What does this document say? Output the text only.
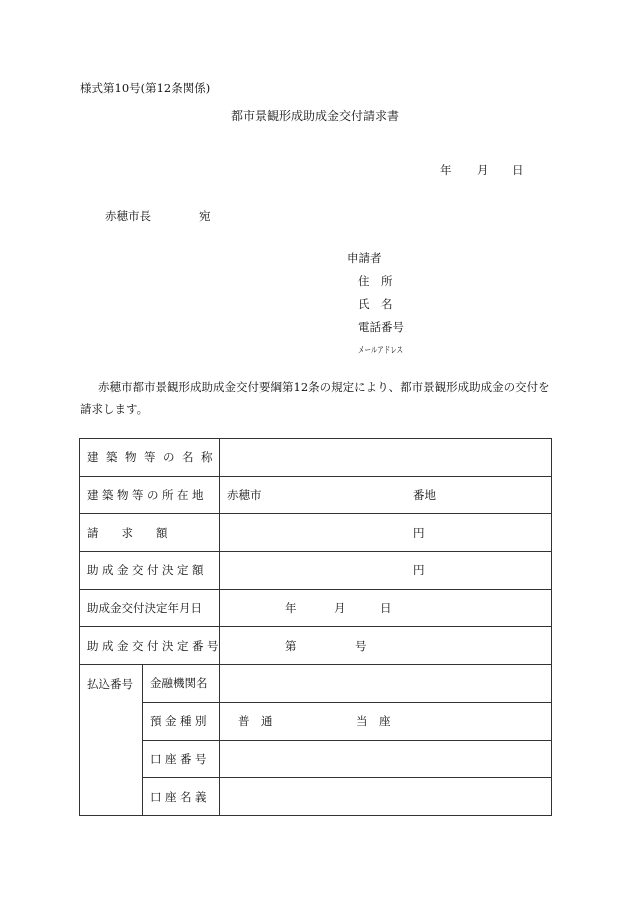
様式第10号(第12条関係)
都市景観形成助成金交付請求書
年 月 日
赤穂市長	宛
申請者
住　所
氏　名
電話番号
メールアドレス
赤穂市都市景観形成助成金交付要綱第12条の規定により、都市景観形成助成金の交付を請求します。
建築物等の名称		
建築物等の所在地		赤穂市 番地

請　　求　　額		円

助成金交付決定額		円

助成金交付決定年月日		年 月 日

助成金交付決定番号		第 号

払込番号	金融機関名	
	預金種別	普　通 当　座

	口座番号	
	口座名義	
